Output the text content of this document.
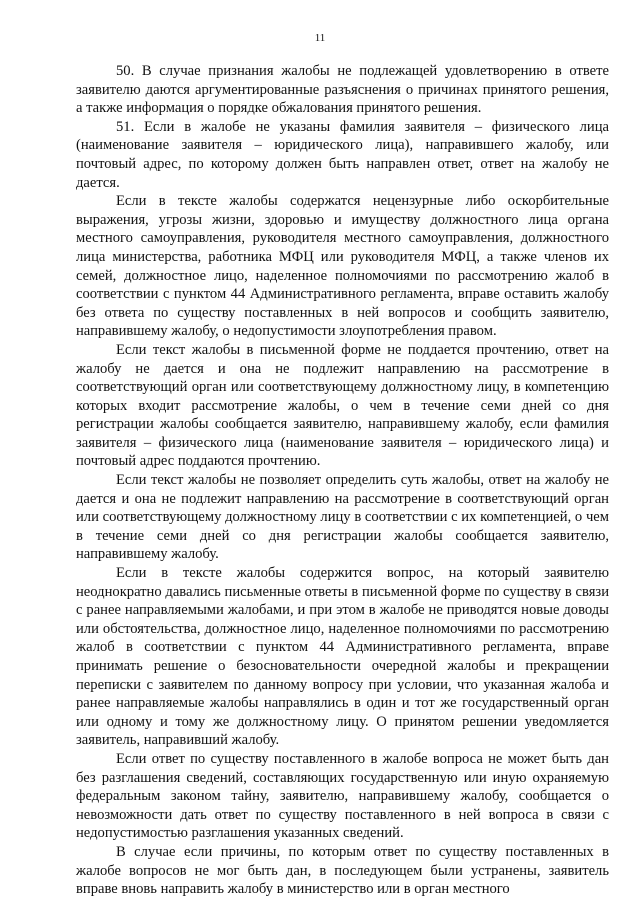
11

50. В случае признания жалобы не подлежащей удовлетворению в ответе заявителю даются аргументированные разъяснения о причинах принятого решения, а также информация о порядке обжалования принятого решения.

51. Если в жалобе не указаны фамилия заявителя – физического лица (наименование заявителя – юридического лица), направившего жалобу, или почтовый адрес, по которому должен быть направлен ответ, ответ на жалобу не дается.

Если в тексте жалобы содержатся нецензурные либо оскорбительные выражения, угрозы жизни, здоровью и имуществу должностного лица органа местного самоуправления, руководителя местного самоуправления, должностного лица министерства, работника МФЦ или руководителя МФЦ, а также членов их семей, должностное лицо, наделенное полномочиями по рассмотрению жалоб в соответствии с пунктом 44 Административного регламента, вправе оставить жалобу без ответа по существу поставленных в ней вопросов и сообщить заявителю, направившему жалобу, о недопустимости злоупотребления правом.

Если текст жалобы в письменной форме не поддается прочтению, ответ на жалобу не дается и она не подлежит направлению на рассмотрение в соответствующий орган или соответствующему должностному лицу, в компетенцию которых входит рассмотрение жалобы, о чем в течение семи дней со дня регистрации жалобы сообщается заявителю, направившему жалобу, если фамилия заявителя – физического лица (наименование заявителя – юридического лица) и почтовый адрес поддаются прочтению.

Если текст жалобы не позволяет определить суть жалобы, ответ на жалобу не дается и она не подлежит направлению на рассмотрение в соответствующий орган или соответствующему должностному лицу в соответствии с их компетенцией, о чем в течение семи дней со дня регистрации жалобы сообщается заявителю, направившему жалобу.

Если в тексте жалобы содержится вопрос, на который заявителю неоднократно давались письменные ответы в письменной форме по существу в связи с ранее направляемыми жалобами, и при этом в жалобе не приводятся новые доводы или обстоятельства, должностное лицо, наделенное полномочиями по рассмотрению жалоб в соответствии с пунктом 44 Административного регламента, вправе принимать решение о безосновательности очередной жалобы и прекращении переписки с заявителем по данному вопросу при условии, что указанная жалоба и ранее направляемые жалобы направлялись в один и тот же государственный орган или одному и тому же должностному лицу. О принятом решении уведомляется заявитель, направивший жалобу.

Если ответ по существу поставленного в жалобе вопроса не может быть дан без разглашения сведений, составляющих государственную или иную охраняемую федеральным законом тайну, заявителю, направившему жалобу, сообщается о невозможности дать ответ по существу поставленного в ней вопроса в связи с недопустимостью разглашения указанных сведений.

В случае если причины, по которым ответ по существу поставленных в жалобе вопросов не мог быть дан, в последующем были устранены, заявитель вправе вновь направить жалобу в министерство или в орган местного
